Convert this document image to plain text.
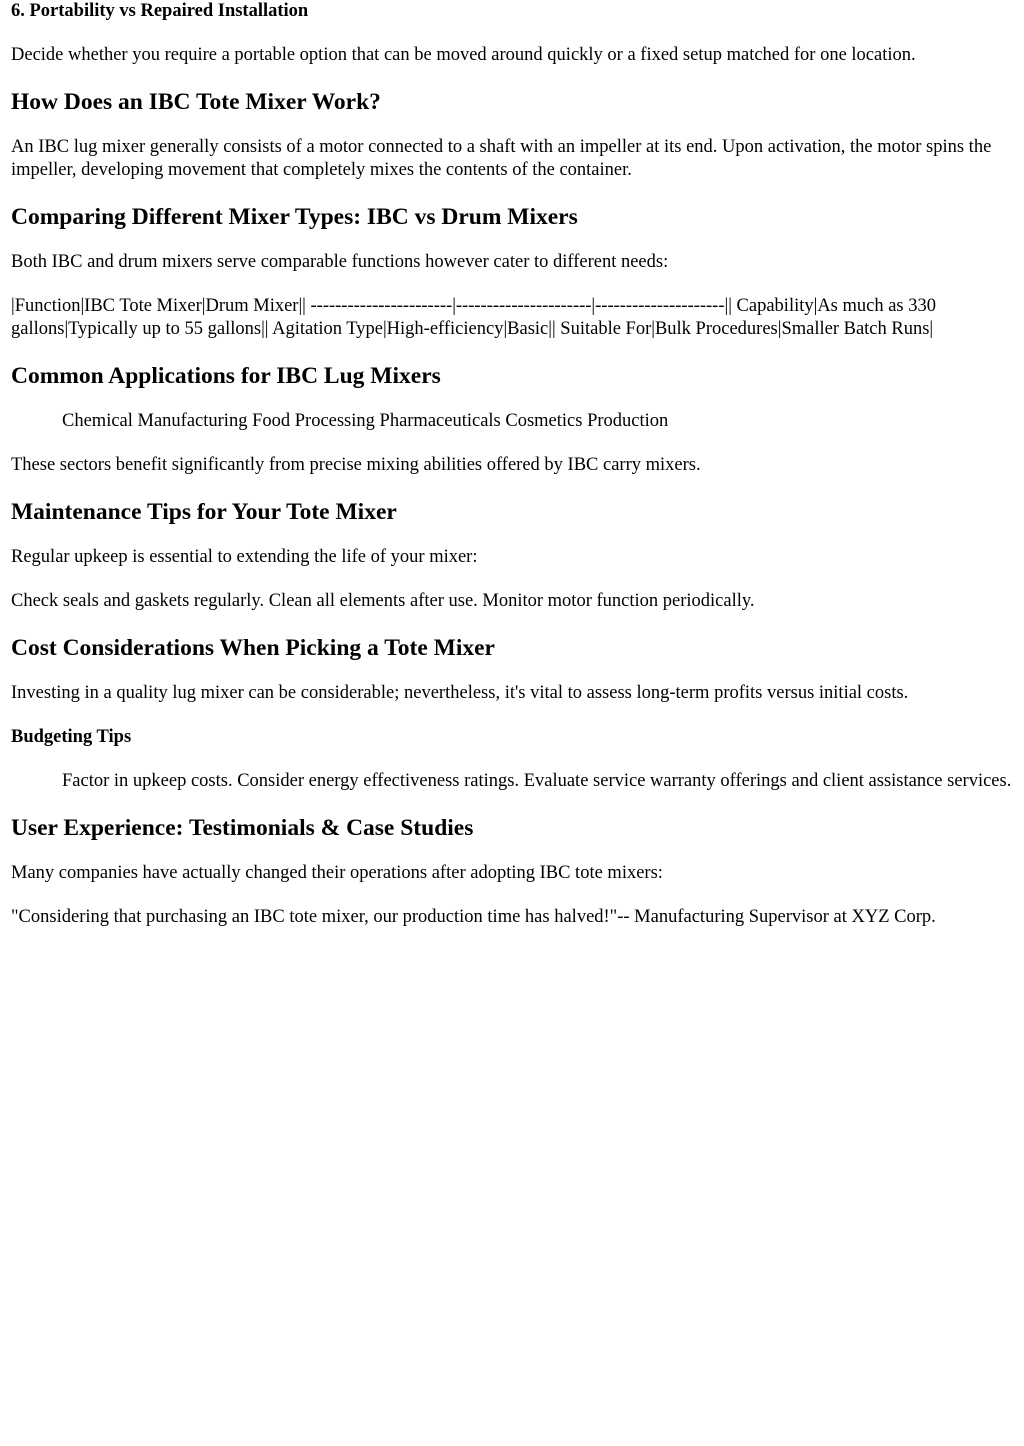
6. Portability vs Repaired Installation

Decide whether you require a portable option that can be moved around quickly or a fixed setup matched for one location.

How Does an IBC Tote Mixer Work?

An IBC lug mixer generally consists of a motor connected to a shaft with an impeller at its end. Upon activation, the motor spins the impeller, developing movement that completely mixes the contents of the container.

Comparing Different Mixer Types: IBC vs Drum Mixers

Both IBC and drum mixers serve comparable functions however cater to different needs:

|Function|IBC Tote Mixer|Drum Mixer|| -----------------------|----------------------|---------------------|| Capability|As much as 330 gallons|Typically up to 55 gallons|| Agitation Type|High-efficiency|Basic|| Suitable For|Bulk Procedures|Smaller Batch Runs|

Common Applications for IBC Lug Mixers

Chemical Manufacturing Food Processing Pharmaceuticals Cosmetics Production

These sectors benefit significantly from precise mixing abilities offered by IBC carry mixers.

Maintenance Tips for Your Tote Mixer

Regular upkeep is essential to extending the life of your mixer:

Check seals and gaskets regularly. Clean all elements after use. Monitor motor function periodically.

Cost Considerations When Picking a Tote Mixer

Investing in a quality lug mixer can be considerable; nevertheless, it's vital to assess long-term profits versus initial costs.

Budgeting Tips

Factor in upkeep costs. Consider energy effectiveness ratings. Evaluate service warranty offerings and client assistance services.

User Experience: Testimonials & Case Studies

Many companies have actually changed their operations after adopting IBC tote mixers:

"Considering that purchasing an IBC tote mixer, our production time has halved!"-- Manufacturing Supervisor at XYZ Corp.
